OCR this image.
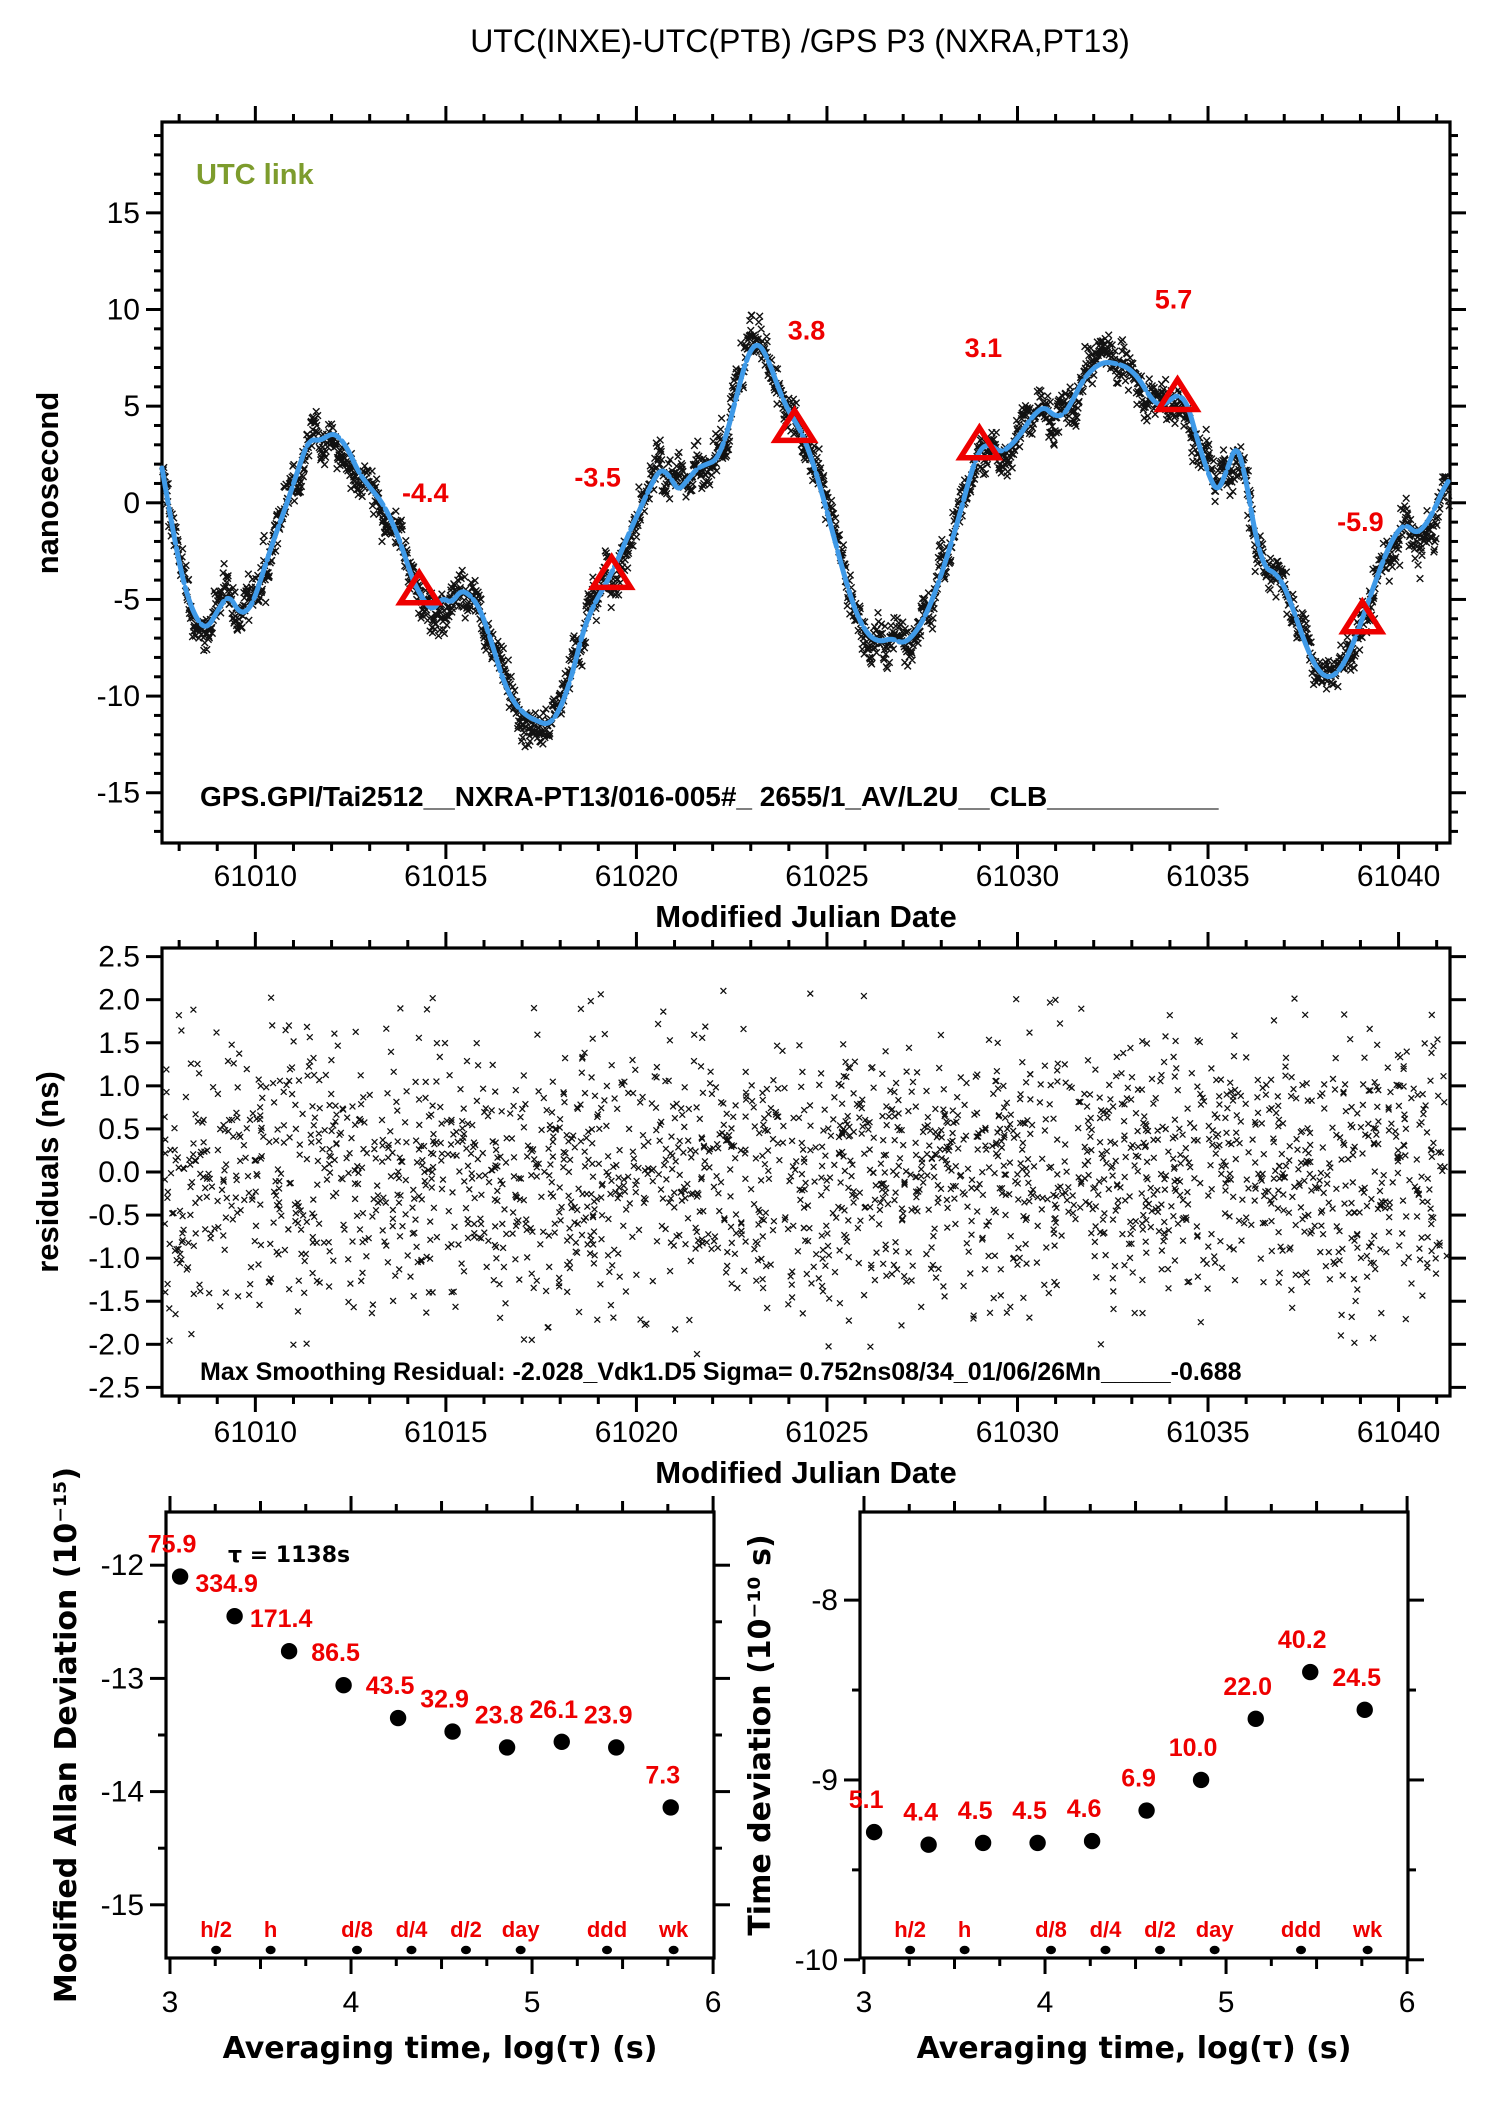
61010	61015	61020	61025	61030	61035	61040
-15
-10
-5
0
5
10
15
-4.4
-3.5
3.8
3.1
5.7
-5.9
61010	61015	61020	61025	61030	61035	61040
-2.5
-2.0
-1.5
-1.0
-0.5
0.0
0.5
1.0
1.5
2.0
2.5
3	4	5	6
-15
-14
-13
-12
h/2 h	d/8 d/4 d/2 day ddd wk
75.9
334.9
171.4
86.5
43.5 32.9
23.8 26.1 23.9
7.3
3	4	5	6
-10
-9
-8
h/2 h	d/8 d/4 d/2 day ddd wk
5.1 4.4 4.5 4.5 4.6
6.9
10.0
22.0
40.2
24.5
UTC(INXE)-UTC(PTB) /GPS P3 (NXRA,PT13)
UTC link
nanosecond
GPS.GPI/Tai2512__NXRA-PT13/016-005#_ 2655/1_AV/L2U__CLB___________
Modified Julian Date
residuals (ns)
Max Smoothing Residual: -2.028_Vdk1.D5 Sigma= 0.752ns08/34_01/06/26Mn_____-0.688
Modified Julian Date
Modified Allan Deviation (10⁻¹⁵)	τ = 1138s	Time deviation (10⁻¹⁰ s)
Averaging time, log(τ) (s)	Averaging time, log(τ) (s)
